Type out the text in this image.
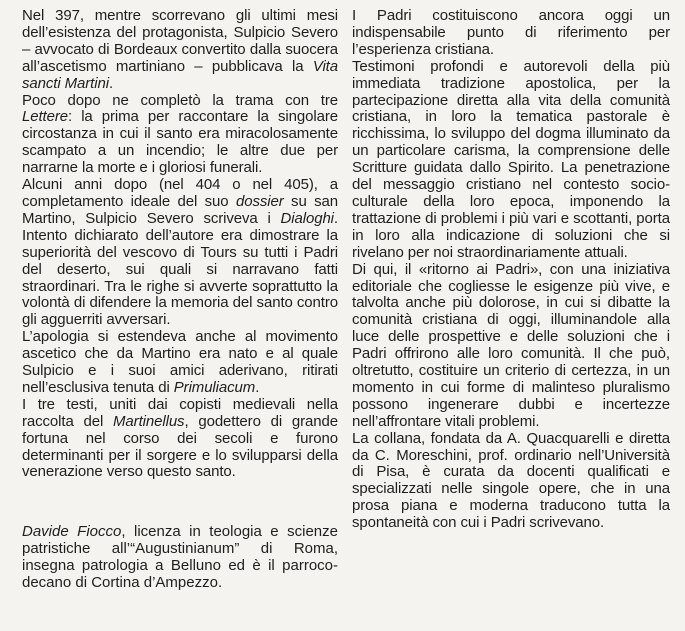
Nel 397, mentre scorrevano gli ultimi mesi dell’esistenza del protagonista, Sulpicio Severo – avvocato di Bordeaux convertito dalla suocera all’ascetismo martiniano – pubblicava la Vita sancti Martini.

Poco dopo ne completò la trama con tre Lettere: la prima per raccontare la singolare circostanza in cui il santo era miracolosamente scampato a un incendio; le altre due per narrarne la morte e i gloriosi funerali.

Alcuni anni dopo (nel 404 o nel 405), a completamento ideale del suo dossier su san Martino, Sulpicio Severo scriveva i Dialoghi. Intento dichiarato dell’autore era dimostrare la superiorità del vescovo di Tours su tutti i Padri del deserto, sui quali si narravano fatti straordinari. Tra le righe si avverte soprattutto la volontà di difendere la memoria del santo contro gli agguerriti avversari.

L’apologia si estendeva anche al movimento ascetico che da Martino era nato e al quale Sulpicio e i suoi amici aderivano, ritirati nell’esclusiva tenuta di Primuliacum.

I tre testi, uniti dai copisti medievali nella raccolta del Martinellus, godettero di grande fortuna nel corso dei secoli e furono determinanti per il sorgere e lo svilupparsi della venerazione verso questo santo.

Davide Fiocco, licenza in teologia e scienze patristiche all’“Augustinianum” di Roma, insegna patrologia a Belluno ed è il parroco-decano di Cortina d’Ampezzo.

I Padri costituiscono ancora oggi un indispensabile punto di riferimento per l’esperienza cristiana.

Testimoni profondi e autorevoli della più immediata tradizione apostolica, per la partecipazione diretta alla vita della comunità cristiana, in loro la tematica pastorale è ricchissima, lo sviluppo del dogma illuminato da un particolare carisma, la comprensione delle Scritture guidata dallo Spirito. La penetrazione del messaggio cristiano nel contesto socio-culturale della loro epoca, imponendo la trattazione di problemi i più vari e scottanti, porta in loro alla indicazione di soluzioni che si rivelano per noi straordinariamente attuali.

Di qui, il «ritorno ai Padri», con una iniziativa editoriale che cogliesse le esigenze più vive, e talvolta anche più dolorose, in cui si dibatte la comunità cristiana di oggi, illuminandole alla luce delle prospettive e delle soluzioni che i Padri offrirono alle loro comunità. Il che può, oltretutto, costituire un criterio di certezza, in un momento in cui forme di malinteso pluralismo possono ingenerare dubbi e incertezze nell’affrontare vitali problemi.

La collana, fondata da A. Quacquarelli e diretta da C. Moreschini, prof. ordinario nell’Università di Pisa, è curata da docenti qualificati e specializzati nelle singole opere, che in una prosa piana e moderna traducono tutta la spontaneità con cui i Padri scrivevano.
